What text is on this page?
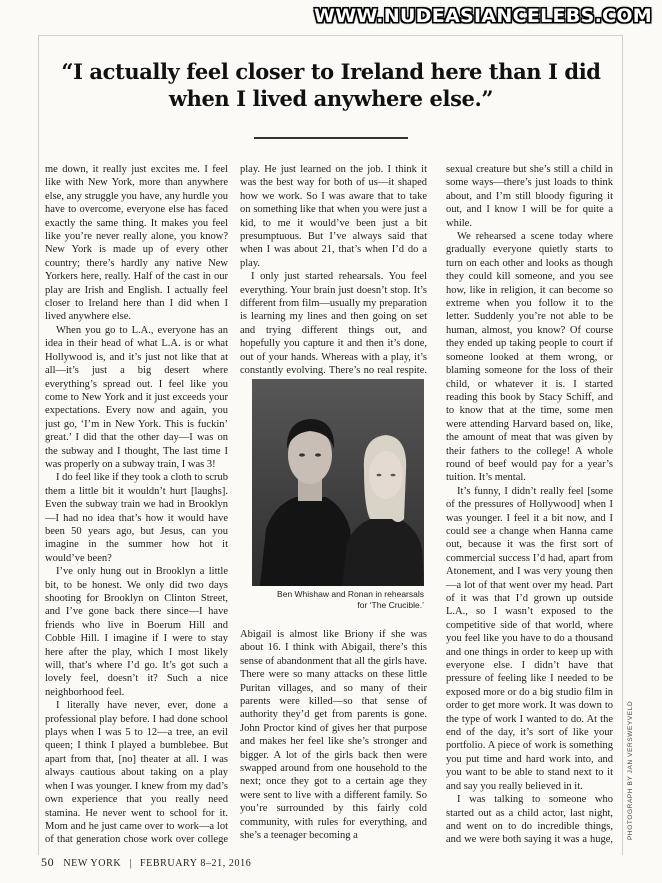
WWW.NUDEASIANCELEBS.COM
“I actually feel closer to Ireland here than I did
when I lived anywhere else.”

me down, it really just excites me. I feel like with New York, more than anywhere else, any struggle you have, any hurdle you have to overcome, everyone else has faced exactly the same thing. It makes you feel like you’re never really alone, you know? New York is made up of every other country; there’s hardly any native New Yorkers here, really. Half of the cast in our play are Irish and English. I actually feel closer to Ireland here than I did when I lived anywhere else.

When you go to L.A., everyone has an idea in their head of what L.A. is or what Hollywood is, and it’s just not like that at all—it’s just a big desert where everything’s spread out. I feel like you come to New York and it just exceeds your expectations. Every now and again, you just go, ‘I’m in New York. This is fuckin’ great.’ I did that the other day—I was on the subway and I thought, The last time I was properly on a subway train, I was 3!

I do feel like if they took a cloth to scrub them a little bit it wouldn’t hurt [laughs]. Even the subway train we had in Brooklyn—I had no idea that’s how it would have been 50 years ago, but Jesus, can you imagine in the summer how hot it would’ve been?

I’ve only hung out in Brooklyn a little bit, to be honest. We only did two days shooting for Brooklyn on Clinton Street, and I’ve gone back there since—I have friends who live in Boerum Hill and Cobble Hill. I imagine if I were to stay here after the play, which I most likely will, that’s where I’d go. It’s got such a lovely feel, doesn’t it? Such a nice neighborhood feel.

I literally have never, ever, done a professional play before. I had done school plays when I was 5 to 12—a tree, an evil queen; I think I played a bumblebee. But apart from that, [no] theater at all. I was always cautious about taking on a play when I was younger. I knew from my dad’s own experience that you really need stamina. He never went to school for it. Mom and he just came over to work—a lot of that generation chose work over college

play. He just learned on the job. I think it was the best way for both of us—it shaped how we work. So I was aware that to take on something like that when you were just a kid, to me it would’ve been just a bit presumptuous. But I’ve always said that when I was about 21, that’s when I’d do a play.

I only just started rehearsals. You feel everything. Your brain just doesn’t stop. It’s different from film—usually my preparation is learning my lines and then going on set and trying different things out, and hopefully you capture it and then it’s done, out of your hands. Whereas with a play, it’s constantly evolving. There’s no real respite.

Ben Whishaw and Ronan in rehearsals
for ‘The Crucible.’

Abigail is almost like Briony if she was about 16. I think with Abigail, there’s this sense of abandonment that all the girls have. There were so many attacks on these little Puritan villages, and so many of their parents were killed—so that sense of authority they’d get from parents is gone. John Proctor kind of gives her that purpose and makes her feel like she’s stronger and bigger. A lot of the girls back then were swapped around from one household to the next; once they got to a certain age they were sent to live with a different family. So you’re surrounded by this fairly cold community, with rules for everything, and she’s a teenager becoming a

sexual creature but she’s still a child in some ways—there’s just loads to think about, and I’m still bloody figuring it out, and I know I will be for quite a while.

We rehearsed a scene today where gradually everyone quietly starts to turn on each other and looks as though they could kill someone, and you see how, like in religion, it can become so extreme when you follow it to the letter. Suddenly you’re not able to be human, almost, you know? Of course they ended up taking people to court if someone looked at them wrong, or blaming someone for the loss of their child, or whatever it is. I started reading this book by Stacy Schiff, and to know that at the time, some men were attending Harvard based on, like, the amount of meat that was given by their fathers to the college! A whole round of beef would pay for a year’s tuition. It’s mental.

It’s funny, I didn’t really feel [some of the pressures of Hollywood] when I was younger. I feel it a bit now, and I could see a change when Hanna came out, because it was the first sort of commercial success I’d had, apart from Atonement, and I was very young then—a lot of that went over my head. Part of it was that I’d grown up outside L.A., so I wasn’t exposed to the competitive side of that world, where you feel like you have to do a thousand and one things in order to keep up with everyone else. I didn’t have that pressure of feeling like I needed to be exposed more or do a big studio film in order to get more work. It was down to the type of work I wanted to do. At the end of the day, it’s sort of like your portfolio. A piece of work is something you put time and hard work into, and you want to be able to stand next to it and say you really believed in it.

I was talking to someone who started out as a child actor, last night, and went on to do incredible things, and we were both saying it was a huge, PHOTOGRAPH BY JAN VERSWEYVELD
50 NEW YORK | FEBRUARY 8–21, 2016
